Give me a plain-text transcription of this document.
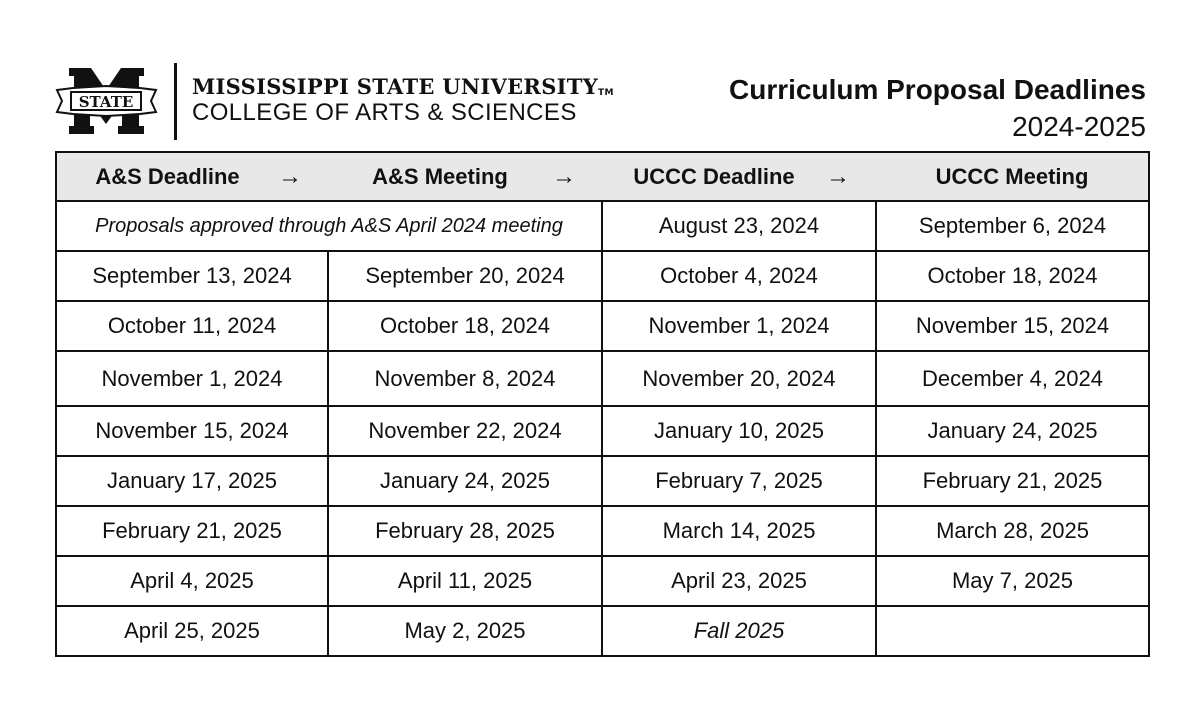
STATE
MISSISSIPPI STATE UNIVERSITY™
COLLEGE OF ARTS & SCIENCES
Curriculum Proposal Deadlines
2024-2025
A&S Deadline →	A&S Meeting →	UCCC Deadline →	UCCC Meeting

Proposals approved through A&S April 2024 meeting		August 23, 2024	September 6, 2024
September 13, 2024	September 20, 2024	October 4, 2024	October 18, 2024
October 11, 2024	October 18, 2024	November 1, 2024	November 15, 2024
November 1, 2024	November 8, 2024	November 20, 2024	December 4, 2024
November 15, 2024	November 22, 2024	January 10, 2025	January 24, 2025
January 17, 2025	January 24, 2025	February 7, 2025	February 21, 2025
February 21, 2025	February 28, 2025	March 14, 2025	March 28, 2025
April 4, 2025	April 11, 2025	April 23, 2025	May 7, 2025
April 25, 2025	May 2, 2025	Fall 2025	
